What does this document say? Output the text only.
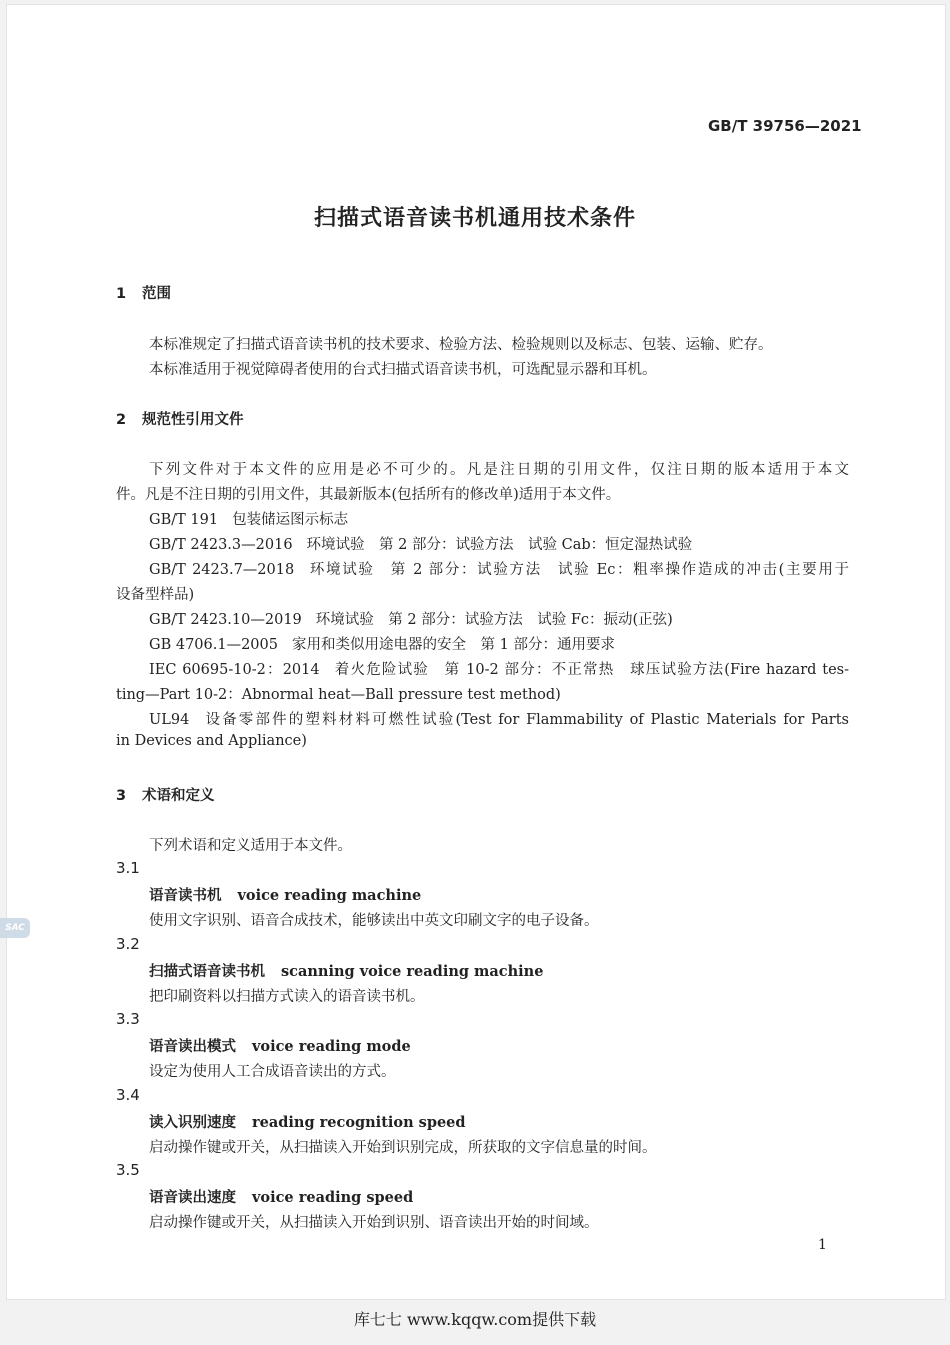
SAC
GB/T 39756—2021
扫描式语音读书机通用技术条件
1 范围
本标准规定了扫描式语音读书机的技术要求、检验方法、检验规则以及标志、包装、运输、贮存。
本标准适用于视觉障碍者使用的台式扫描式语音读书机，可选配显示器和耳机。
2 规范性引用文件
下列文件对于本文件的应用是必不可少的。凡是注日期的引用文件，仅注日期的版本适用于本文
件。凡是不注日期的引用文件，其最新版本(包括所有的修改单)适用于本文件。
GB/T 191 包装储运图示标志
GB/T 2423.3—2016 环境试验　第 2 部分：试验方法　试验 Cab：恒定湿热试验
GB/T 2423.7—2018 环境试验　第 2 部分：试验方法　试验 Ec：粗率操作造成的冲击(主要用于
设备型样品)
GB/T 2423.10—2019 环境试验　第 2 部分：试验方法　试验 Fc：振动(正弦)
GB 4706.1—2005 家用和类似用途电器的安全　第 1 部分：通用要求
IEC 60695-10-2：2014 着火危险试验　第 10-2 部分：不正常热　球压试验方法(Fire hazard tes-
ting—Part 10-2：Abnormal heat—Ball pressure test method)
UL94 设备零部件的塑料材料可燃性试验(Test for Flammability of Plastic Materials for Parts
in Devices and Appliance)
3 术语和定义
下列术语和定义适用于本文件。
3.1
语音读书机 voice reading machine
使用文字识别、语音合成技术，能够读出中英文印刷文字的电子设备。
3.2
扫描式语音读书机 scanning voice reading machine
把印刷资料以扫描方式读入的语音读书机。
3.3
语音读出模式 voice reading mode
设定为使用人工合成语音读出的方式。
3.4
读入识别速度 reading recognition speed
启动操作键或开关，从扫描读入开始到识别完成，所获取的文字信息量的时间。
3.5
语音读出速度 voice reading speed
启动操作键或开关，从扫描读入开始到识别、语音读出开始的时间域。
1
库七七 www.kqqw.com提供下载
